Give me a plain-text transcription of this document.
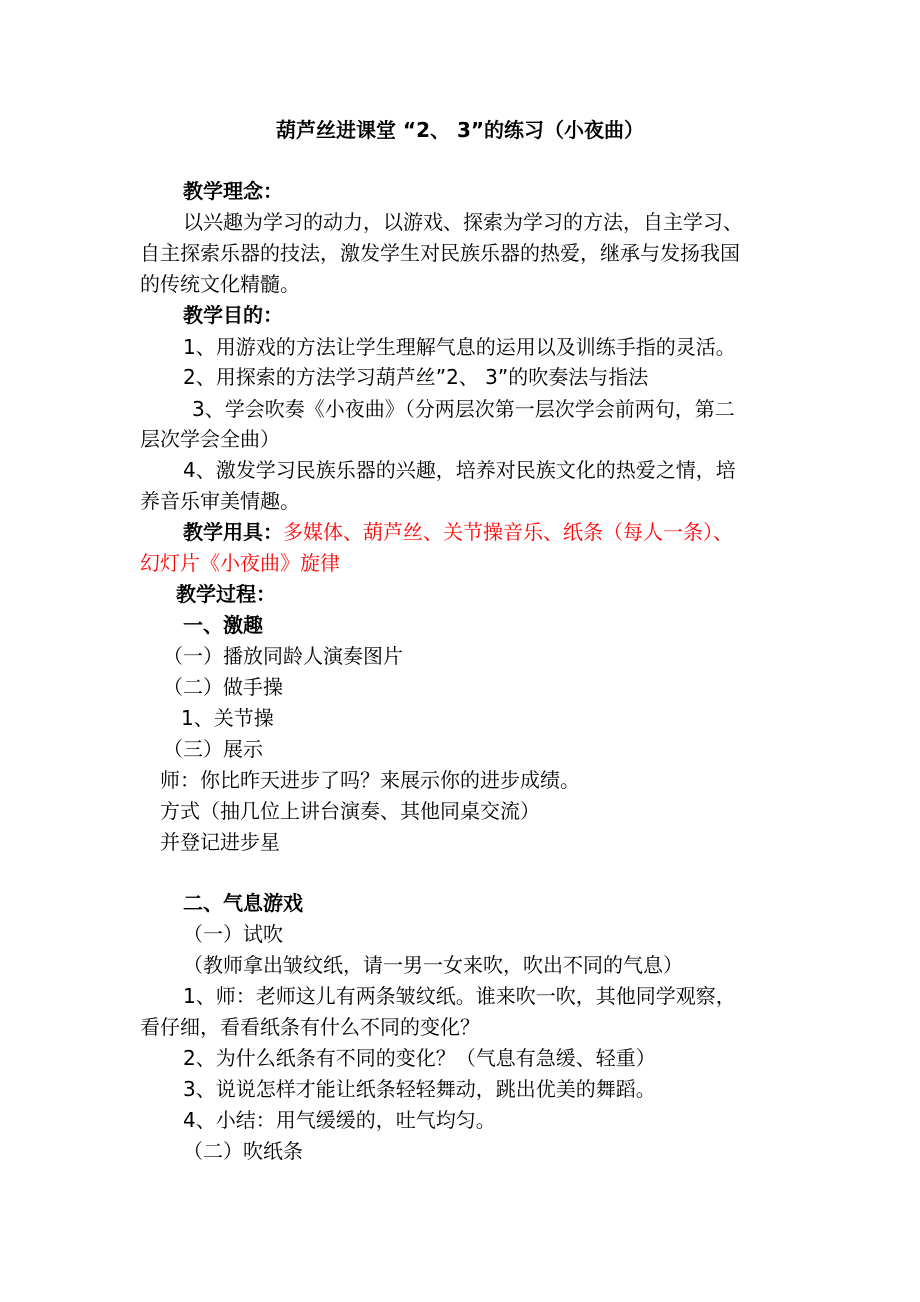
葫芦丝进课堂 “2、 3”的练习（小夜曲）
教学理念：
以兴趣为学习的动力，以游戏、探索为学习的方法，自主学习、
自主探索乐器的技法，激发学生对民族乐器的热爱，继承与发扬我国
的传统文化精髓。
教学目的：
1、用游戏的方法让学生理解气息的运用以及训练手指的灵活。
2、用探索的方法学习葫芦丝”2、 3”的吹奏法与指法
3、学会吹奏《小夜曲》（分两层次第一层次学会前两句，第二
层次学会全曲）
4、激发学习民族乐器的兴趣，培养对民族文化的热爱之情，培
养音乐审美情趣。
教学用具：多媒体、葫芦丝、关节操音乐、纸条（每人一条）、
幻灯片《小夜曲》旋律
教学过程：
一、激趣
（一）播放同龄人演奏图片
（二）做手操
1、关节操
（三）展示
师：你比昨天进步了吗？来展示你的进步成绩。
方式（抽几位上讲台演奏、其他同桌交流）
并登记进步星
二、气息游戏
（一）试吹
（教师拿出皱纹纸，请一男一女来吹，吹出不同的气息）
1、师：老师这儿有两条皱纹纸。谁来吹一吹，其他同学观察，
看仔细，看看纸条有什么不同的变化？
2、为什么纸条有不同的变化？（气息有急缓、轻重）
3、说说怎样才能让纸条轻轻舞动，跳出优美的舞蹈。
4、小结：用气缓缓的，吐气均匀。
（二）吹纸条
